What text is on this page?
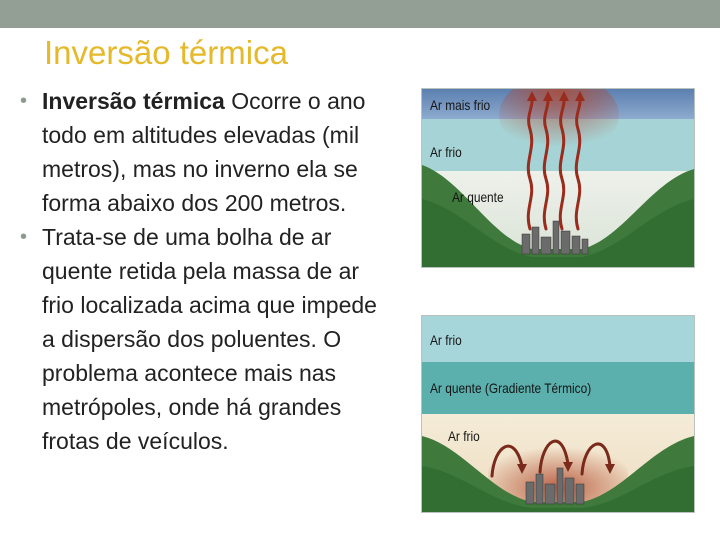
Inversão térmica
• Inversão térmica Ocorre o ano todo em altitudes elevadas (mil metros), mas no inverno ela se forma abaixo dos 200 metros.
• Trata-se de uma bolha de ar quente retida pela massa de ar frio localizada acima que impede a dispersão dos poluentes. O problema acontece mais nas metrópoles, onde há grandes frotas de veículos.
Ar mais frio
Ar frio
Ar quente
Ar frio
Ar quente (Gradiente Térmico)
Ar frio
